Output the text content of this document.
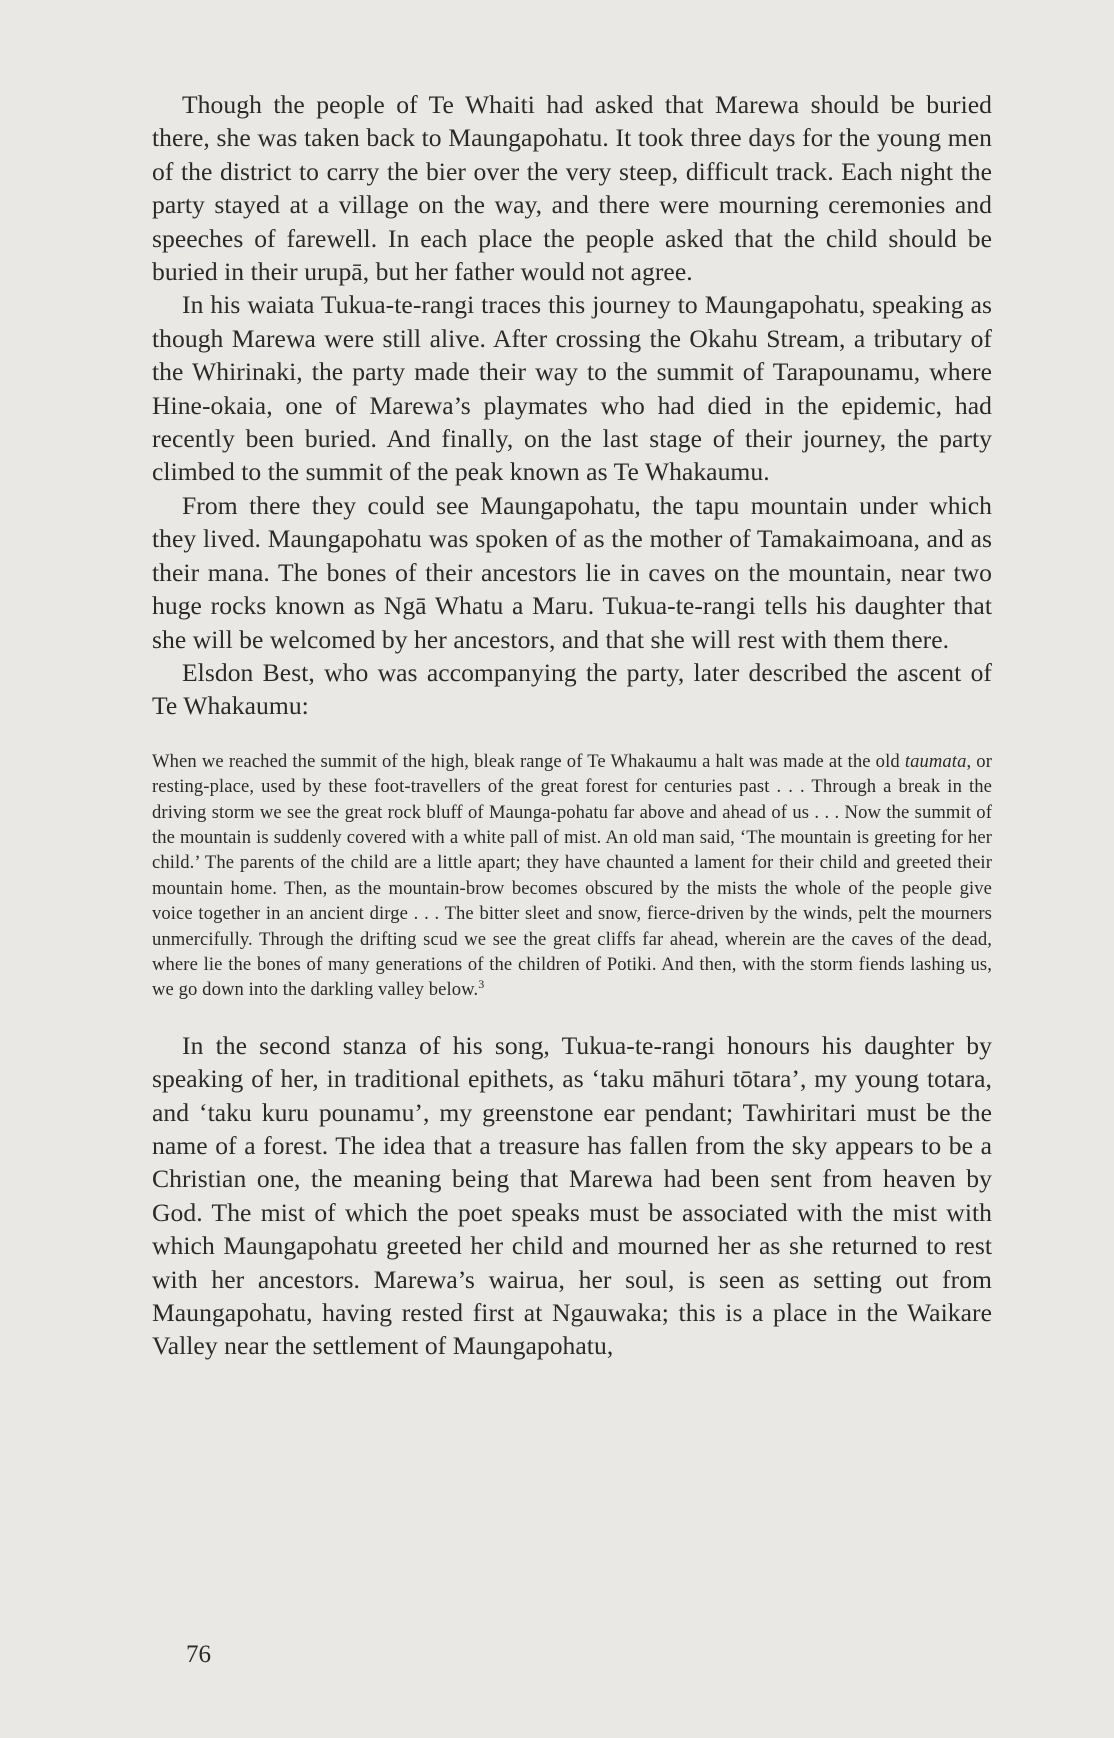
Though the people of Te Whaiti had asked that Marewa should be buried there, she was taken back to Maungapohatu. It took three days for the young men of the district to carry the bier over the very steep, difficult track. Each night the party stayed at a village on the way, and there were mourning ceremonies and speeches of farewell. In each place the people asked that the child should be buried in their urupā, but her father would not agree.

In his waiata Tukua-te-rangi traces this journey to Maungapohatu, speaking as though Marewa were still alive. After crossing the Okahu Stream, a tributary of the Whirinaki, the party made their way to the summit of Tarapounamu, where Hine-okaia, one of Marewa’s playmates who had died in the epidemic, had recently been buried. And finally, on the last stage of their journey, the party climbed to the summit of the peak known as Te Whakaumu.

From there they could see Maungapohatu, the tapu mountain under which they lived. Maungapohatu was spoken of as the mother of Tamakaimoana, and as their mana. The bones of their ancestors lie in caves on the mountain, near two huge rocks known as Ngā Whatu a Maru. Tukua-te-rangi tells his daughter that she will be welcomed by her ancestors, and that she will rest with them there.

Elsdon Best, who was accompanying the party, later described the ascent of Te Whakaumu:

When we reached the summit of the high, bleak range of Te Whakaumu a halt was made at the old taumata, or resting-place, used by these foot-travellers of the great forest for centuries past . . . Through a break in the driving storm we see the great rock bluff of Maunga-pohatu far above and ahead of us . . . Now the summit of the mountain is suddenly covered with a white pall of mist. An old man said, ‘The mountain is greeting for her child.’ The parents of the child are a little apart; they have chaunted a lament for their child and greeted their mountain home. Then, as the mountain-brow becomes obscured by the mists the whole of the people give voice together in an ancient dirge . . . The bitter sleet and snow, fierce-driven by the winds, pelt the mourners unmercifully. Through the drifting scud we see the great cliffs far ahead, wherein are the caves of the dead, where lie the bones of many generations of the children of Potiki. And then, with the storm fiends lashing us, we go down into the darkling valley below.$^3$

In the second stanza of his song, Tukua-te-rangi honours his daughter by speaking of her, in traditional epithets, as ‘taku māhuri tōtara’, my young totara, and ‘taku kuru pounamu’, my greenstone ear pendant; Tawhiritari must be the name of a forest. The idea that a treasure has fallen from the sky appears to be a Christian one, the meaning being that Marewa had been sent from heaven by God. The mist of which the poet speaks must be associated with the mist with which Maungapohatu greeted her child and mourned her as she returned to rest with her ancestors. Marewa’s wairua, her soul, is seen as setting out from Maungapohatu, having rested first at Ngauwaka; this is a place in the Waikare Valley near the settlement of Maungapohatu,

76
